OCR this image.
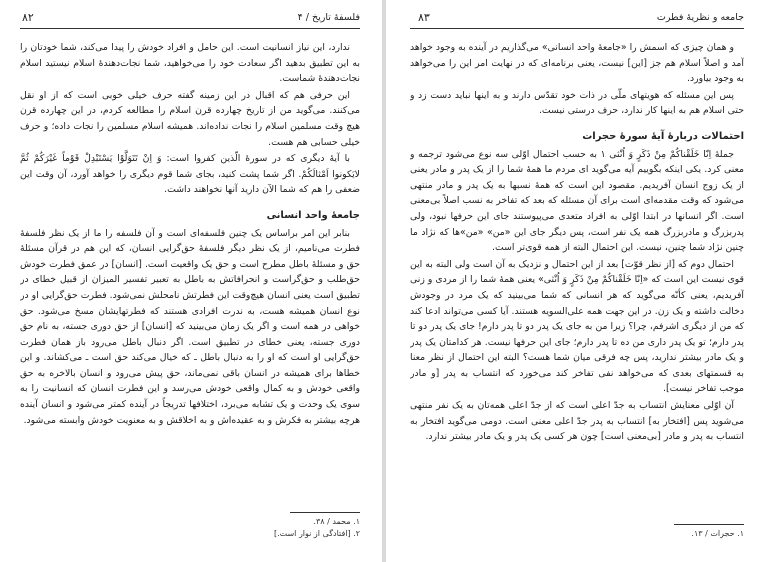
فلسفهٔ تاریخ / ۴
۸۲

ندارد، این نیاز انسانیت است. این حامل و افراد خودش را پیدا می‌کند، شما خودتان را به این تطبیق بدهید اگر سعادت خود را می‌خواهید، شما نجات‌دهندهٔ اسلام نیستید اسلام نجات‌دهندهٔ شماست.

این حرفی هم که اقبال در این زمینه گفته حرف خیلی خوبی است که از او نقل می‌کنند. می‌گوید من از تاریخ چهارده قرن اسلام را مطالعه کردم، در این چهارده قرن هیچ وقت مسلمین اسلام را نجات نداده‌اند. همیشه اسلام مسلمین را نجات داده؛ و حرف خیلی حسابی هم هست.

با آیهٔ دیگری که در سورهٔ الّذین کفروا است: وَ اِنْ تَتَوَلَّوْا یَسْتَبْدِلْ قَوْماً غَیْرَکُمْ ثُمَّ لایَکونوا اَمْثالَکُمْ. اگر شما پشت کنید، بجای شما قوم دیگری را خواهد آورد، آن وقت این ضعفی را هم که شما الآن دارید آنها نخواهند داشت.

جامعهٔ واحد انسانی

بنابر این امر براساس یک چنین فلسفه‌ای است و آن فلسفه را ما از یک نظر فلسفهٔ فطرت می‌نامیم، از یک نظر دیگر فلسفهٔ حق‌گرایی انسان، که این هم در قرآن مسئلهٔ حق و مسئلهٔ باطل مطرح است و حق یک واقعیت است. [انسان] در عمق فطرت خودش حق‌طلب و حق‌گراست و انحرافاتش به باطل به تعبیر تفسیر المیزان از قبیل خطای در تطبیق است یعنی انسان هیچ‌وقت این فطرتش نامحلش نمی‌شود. فطرت حق‌گرایی او در نوع انسان همیشه هست، به ندرت افرادی هستند که فطرتهایشان مسخ می‌شود. حق خواهی در همه است و اگر یک زمان می‌بینید که [انسان] از حق دوری جسته، به نام حق دوری جسته، یعنی خطای در تطبیق است. اگر دنبال باطل می‌رود باز همان فطرت حق‌گرایی او است که او را به دنبال باطل ـ که خیال می‌کند حق است ـ می‌کشاند. و این خطاها برای همیشه در انسان باقی نمی‌ماند، حق پیش می‌رود و انسان بالاخره به حق واقعی خودش و به کمال واقعی خودش می‌رسد و این فطرت انسان که انسانیت را به سوی یک وحدت و یک تشابه می‌برد، اختلافها تدریجاً در آینده کمتر می‌شود و انسان آینده هرچه بیشتر به فکرش و به عقیده‌اش و به اخلاقش و به معنویت خودش وابسته می‌شود.

۱. محمد / ۳۸.
۲. [افتادگی از نوار است.]
جامعه و نظریهٔ فطرت
۸۳

و همان چیزی که اسمش را «جامعهٔ واحد انسانی» می‌گذاریم در آینده به وجود خواهد آمد و اصلاً اسلام هم جز [این] نیست، یعنی برنامه‌ای که در نهایت امر این را می‌خواهد به وجود بیاورد.

پس این مسئله که هویتهای ملّی در ذات خود تقدّس دارند و به اینها نباید دست زد و حتی اسلام هم به اینها کار ندارد، حرف درستی نیست.

احتمالات دربارهٔ آیهٔ سورهٔ حجرات

جملهٔ اِنّا خَلَقْناکُمْ مِنْ ذَکَرٍ وَ اُنْثی ۱ به حسب احتمال اوّلی سه نوع می‌شود ترجمه و معنی کرد. یکی اینکه بگوییم آیه می‌گوید ای مردم ما همهٔ شما را از یک پدر و مادر یعنی از یک زوج انسان آفریدیم. مقصود این است که همهٔ نسبها به یک پدر و مادر منتهی می‌شود که وقت مقدمه‌ای است برای آن مسئله که بعد که تفاخر به نسب اصلاً بی‌معنی است. اگر انسانها در ابتدا اوّلی به افراد متعدی می‌پیوستند جای این حرفها نبود، ولی پدربزرگ و مادربزرگ همه یک نفر است، پس دیگر جای این «من» «من»ها که نژاد ما چنین نژاد شما چنین، نیست. این احتمال البته از همه قوی‌تر است.

احتمال دوم که [از نظر قوّت] بعد از این احتمال و نزدیک به آن است ولی البته به این قوی نیست این است که «اِنّا خَلَقْناکُمْ مِنْ ذَکَرٍ وَ اُنْثی» یعنی همهٔ شما را از مردی و زنی آفریدیم، یعنی کأنّه می‌گوید که هر انسانی که شما می‌بینید که یک مرد در وجودش دخالت داشته و یک زن. در این جهت همه علی‌السویه هستند. آیا کسی می‌تواند ادعا کند که من از دیگری اشرفم، چرا؟ زیرا من به جای یک پدر دو تا پدر دارم! جای یک پدر دو تا پدر دارم؛ تو یک پدر داری من ده تا پدر دارم؛ جای این حرفها نیست. هر کدامتان یک پدر و یک مادر بیشتر ندارید، پس چه فرقی میان شما هست؟ البته این احتمال از نظر معنا به قسمتهای بعدی که می‌خواهد نفی تفاخر کند می‌خورد که انتساب به پدر [و مادر موجب تفاخر نیست].

آن اوّلی معنایش انتساب به جدّ اعلی است که از جدّ اعلی همه‌تان به یک نفر منتهی می‌شوید پس [افتخار به] انتساب به پدر جدّ اعلی معنی است. دومی می‌گوید افتخار به انتساب به پدر و مادر [بی‌معنی است] چون هر کسی یک پدر و یک مادر بیشتر ندارد.

۱. حجرات / ۱۳.
